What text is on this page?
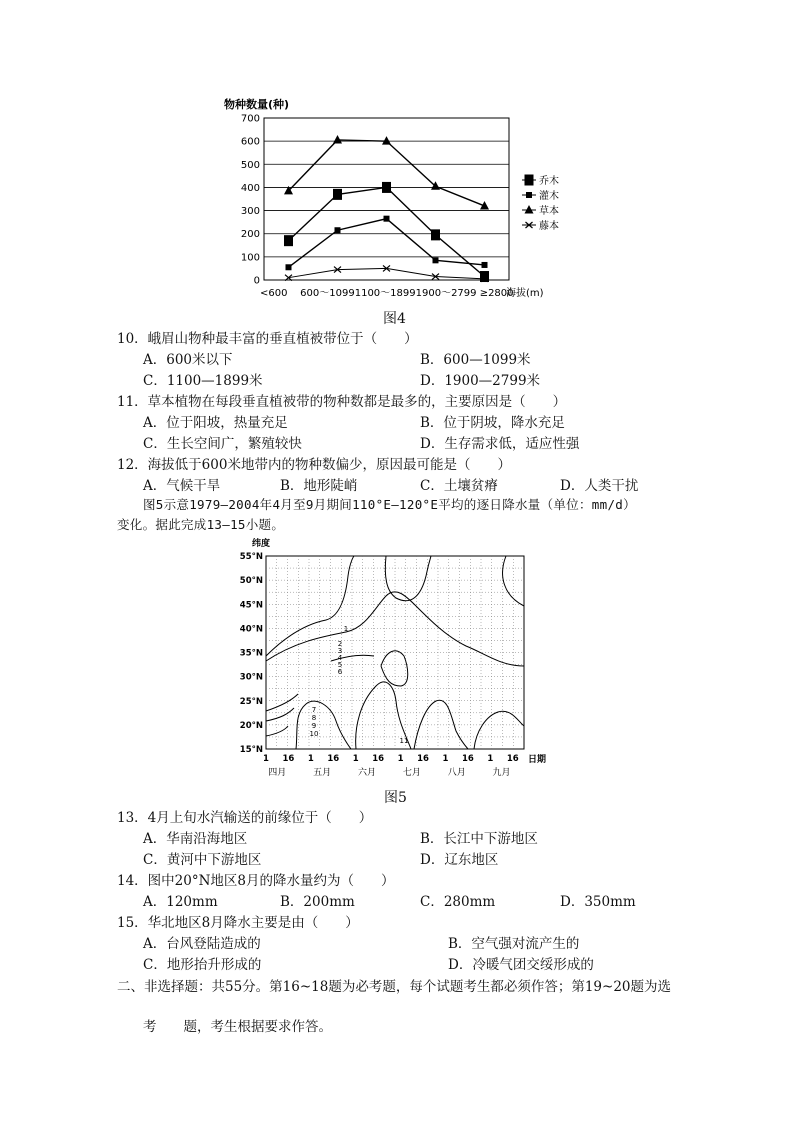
物种数量(种)
<600    600～10991100～18991900～2799 ≥2800
海拔(m)
0
100
200
300
400
500
600
700
乔木
灌木
草本
藤本
图4
10．峨眉山物种最丰富的垂直植被带位于（　　）
A．600米以下	B．600—1099米
C．1100—1899米	D．1900—2799米
11．草本植物在每段垂直植被带的物种数都是最多的，主要原因是（　　）
A．位于阳坡，热量充足	B．位于阴坡，降水充足
C．生长空间广，繁殖较快	D．生存需求低，适应性强
12．海拔低于600米地带内的物种数偏少，原因最可能是（　　）
A．气候干旱	B．地形陡峭	C．土壤贫瘠	D．人类干扰
图5示意1979—2004年4月至9月期间110°E—120°E平均的逐日降水量（单位：mm/d）
变化。据此完成13—15小题。
纬度
日期
55°N
50°N
45°N
40°N
35°N
30°N
25°N
20°N
15°N
1 16 1 16 1 16 1 16 1 16 1 16
四月	五月	六月	七月	八月	九月
1
2
3
4
5
6
7
8
9
10
11
图5
13．4月上旬水汽输送的前缘位于（　　）
A．华南沿海地区	B．长江中下游地区
C．黄河中下游地区	D．辽东地区
14．图中20°N地区8月的降水量约为（　　）
A．120mm	B．200mm	C．280mm	D．350mm
15．华北地区8月降水主要是由（　　）
A．台风登陆造成的	B．空气强对流产生的
C．地形抬升形成的	D．冷暖气团交绥形成的
二、非选择题：共55分。第16~18题为必考题，每个试题考生都必须作答；第19~20题为选
考　　题，考生根据要求作答。
